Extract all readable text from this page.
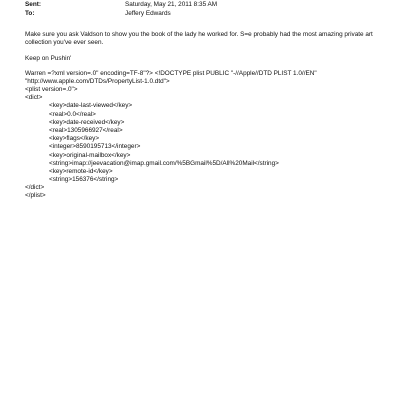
Sent:	Saturday, May 21, 2011 8:35 AM
To:	Jeffery Edwards

Make sure you ask Valdson to show you the book of the lady he worked for. S=e probably had the most amazing private art collection you've ever seen.

Keep on Pushin'

Warren =?xml version=.0" encoding=TF-8"?> <!DOCTYPE plist PUBLIC "-//Apple//DTD PLIST 1.0//EN" "http://www.apple.com/DTDs/PropertyList-1.0.dtd">

<plist version=.0">
<dict>
<key>date-last-viewed</key>
<real>0.0</real>
<key>date-received</key>
<real>1305966927</real>
<key>flags</key>
<integer>8590195713</integer>
<key>original-mailbox</key>
<string>imap://jeevacation@imap.gmail.com/%5BGmail%5D/All%20Mail</string>
<key>remote-id</key>
<string>156376</string>
</dict>
</plist>
